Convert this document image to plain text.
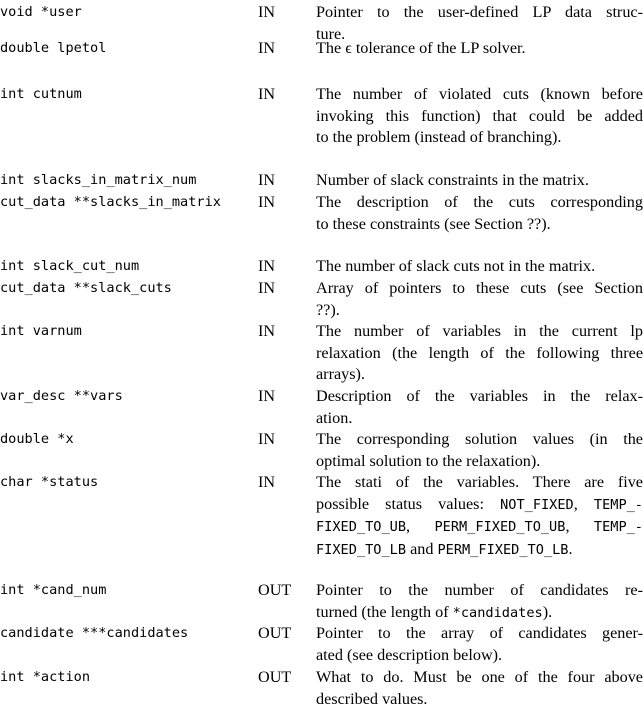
void *user	IN	Pointer to the user-defined LP data struc-
ture.
double lpetol	IN	The ϵ tolerance of the LP solver.
int cutnum	IN	The number of violated cuts (known before
invoking this function) that could be added
to the problem (instead of branching).
int slacks_in_matrix_num	IN	Number of slack constraints in the matrix.
cut_data **slacks_in_matrix IN	The description of the cuts corresponding
to these constraints (see Section ??).
int slack_cut_num	IN	The number of slack cuts not in the matrix.
cut_data **slack_cuts	IN	Array of pointers to these cuts (see Section
??).
int varnum	IN	The number of variables in the current lp
relaxation (the length of the following three
arrays).
var_desc **vars	IN	Description of the variables in the relax-
ation.
double *x	IN	The corresponding solution values (in the
optimal solution to the relaxation).
char *status	IN	The stati of the variables. There are five
possible status values: NOT_FIXED, TEMP_-
FIXED_TO_UB, PERM_FIXED_TO_UB, TEMP_-
FIXED_TO_LB and PERM_FIXED_TO_LB.
int *cand_num	OUT Pointer to the number of candidates re-
turned (the length of *candidates).
candidate ***candidates	OUT Pointer to the array of candidates gener-
ated (see description below).
int *action	OUT What to do. Must be one of the four above
described values.
